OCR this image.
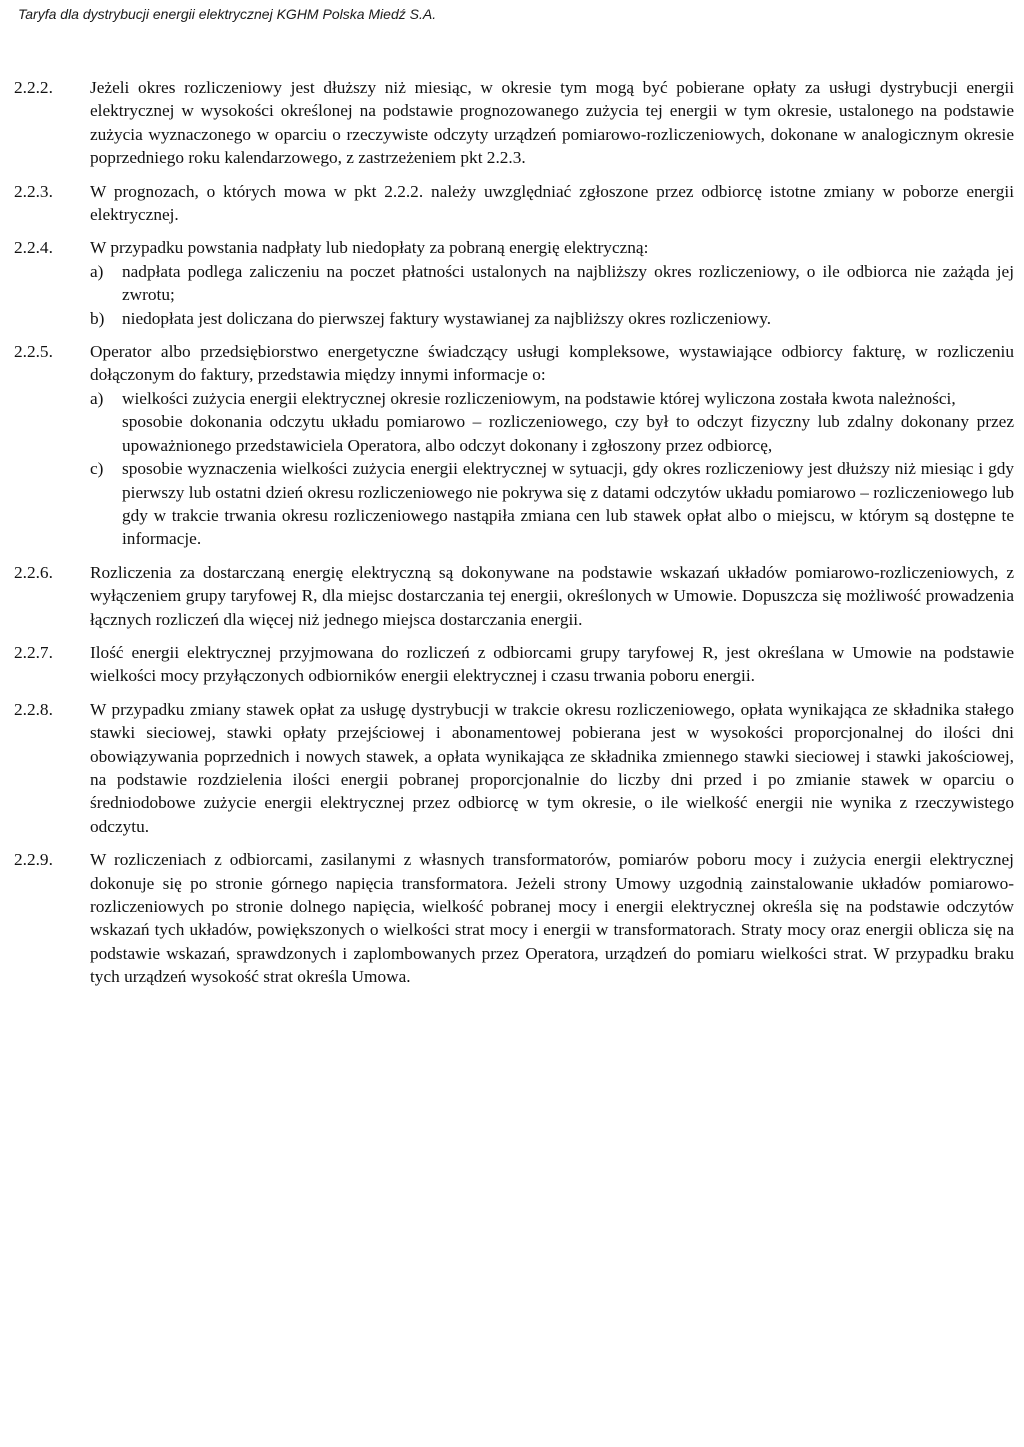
Taryfa dla dystrybucji energii elektrycznej KGHM Polska Miedź S.A.
2.2.2.	Jeżeli okres rozliczeniowy jest dłuższy niż miesiąc, w okresie tym mogą być pobierane opłaty za usługi dystrybucji energii elektrycznej w wysokości określonej na podstawie prognozowanego zużycia tej energii w tym okresie, ustalonego na podstawie zużycia wyznaczonego w oparciu o rzeczywiste odczyty urządzeń pomiarowo-rozliczeniowych, dokonane w analogicznym okresie poprzedniego roku kalendarzowego, z zastrzeżeniem pkt 2.2.3.
2.2.3.	W prognozach, o których mowa w pkt 2.2.2. należy uwzględniać zgłoszone przez odbiorcę istotne zmiany w poborze energii elektrycznej.
2.2.4.	W przypadku powstania nadpłaty lub niedopłaty za pobraną energię elektryczną:
a)	nadpłata podlega zaliczeniu na poczet płatności ustalonych na najbliższy okres rozliczeniowy, o ile odbiorca nie zażąda jej zwrotu;
b)	niedopłata jest doliczana do pierwszej faktury wystawianej za najbliższy okres rozliczeniowy.
2.2.5.	Operator albo przedsiębiorstwo energetyczne świadczący usługi kompleksowe, wystawiające odbiorcy fakturę, w rozliczeniu dołączonym do faktury, przedstawia między innymi informacje o:
a)	wielkości zużycia energii elektrycznej okresie rozliczeniowym, na podstawie której wyliczona została kwota należności,
sposobie dokonania odczytu układu pomiarowo – rozliczeniowego, czy był to odczyt fizyczny lub zdalny dokonany przez upoważnionego przedstawiciela Operatora, albo odczyt dokonany i zgłoszony przez odbiorcę,
c)	sposobie wyznaczenia wielkości zużycia energii elektrycznej w sytuacji, gdy okres rozliczeniowy jest dłuższy niż miesiąc i gdy pierwszy lub ostatni dzień okresu rozliczeniowego nie pokrywa się z datami odczytów układu pomiarowo – rozliczeniowego lub gdy w trakcie trwania okresu rozliczeniowego nastąpiła zmiana cen lub stawek opłat albo o miejscu, w którym są dostępne te informacje.
2.2.6.	Rozliczenia za dostarczaną energię elektryczną są dokonywane na podstawie wskazań układów pomiarowo-rozliczeniowych, z wyłączeniem grupy taryfowej R, dla miejsc dostarczania tej energii, określonych w Umowie. Dopuszcza się możliwość prowadzenia łącznych rozliczeń dla więcej niż jednego miejsca dostarczania energii.
2.2.7.	Ilość energii elektrycznej przyjmowana do rozliczeń z odbiorcami grupy taryfowej R, jest określana w Umowie na podstawie wielkości mocy przyłączonych odbiorników energii elektrycznej i czasu trwania poboru energii.
2.2.8.	W przypadku zmiany stawek opłat za usługę dystrybucji w trakcie okresu rozliczeniowego, opłata wynikająca ze składnika stałego stawki sieciowej, stawki opłaty przejściowej i abonamentowej pobierana jest w wysokości proporcjonalnej do ilości dni obowiązywania poprzednich i nowych stawek, a opłata wynikająca ze składnika zmiennego stawki sieciowej i stawki jakościowej, na podstawie rozdzielenia ilości energii pobranej proporcjonalnie do liczby dni przed i po zmianie stawek w oparciu o średniodobowe zużycie energii elektrycznej przez odbiorcę w tym okresie, o ile wielkość energii nie wynika z rzeczywistego odczytu.
2.2.9.	W rozliczeniach z odbiorcami, zasilanymi z własnych transformatorów, pomiarów poboru mocy i zużycia energii elektrycznej dokonuje się po stronie górnego napięcia transformatora. Jeżeli strony Umowy uzgodnią zainstalowanie układów pomiarowo-rozliczeniowych po stronie dolnego napięcia, wielkość pobranej mocy i energii elektrycznej określa się na podstawie odczytów wskazań tych układów, powiększonych o wielkości strat mocy i energii w transformatorach. Straty mocy oraz energii oblicza się na podstawie wskazań, sprawdzonych i zaplombowanych przez Operatora, urządzeń do pomiaru wielkości strat. W przypadku braku tych urządzeń wysokość strat określa Umowa.
